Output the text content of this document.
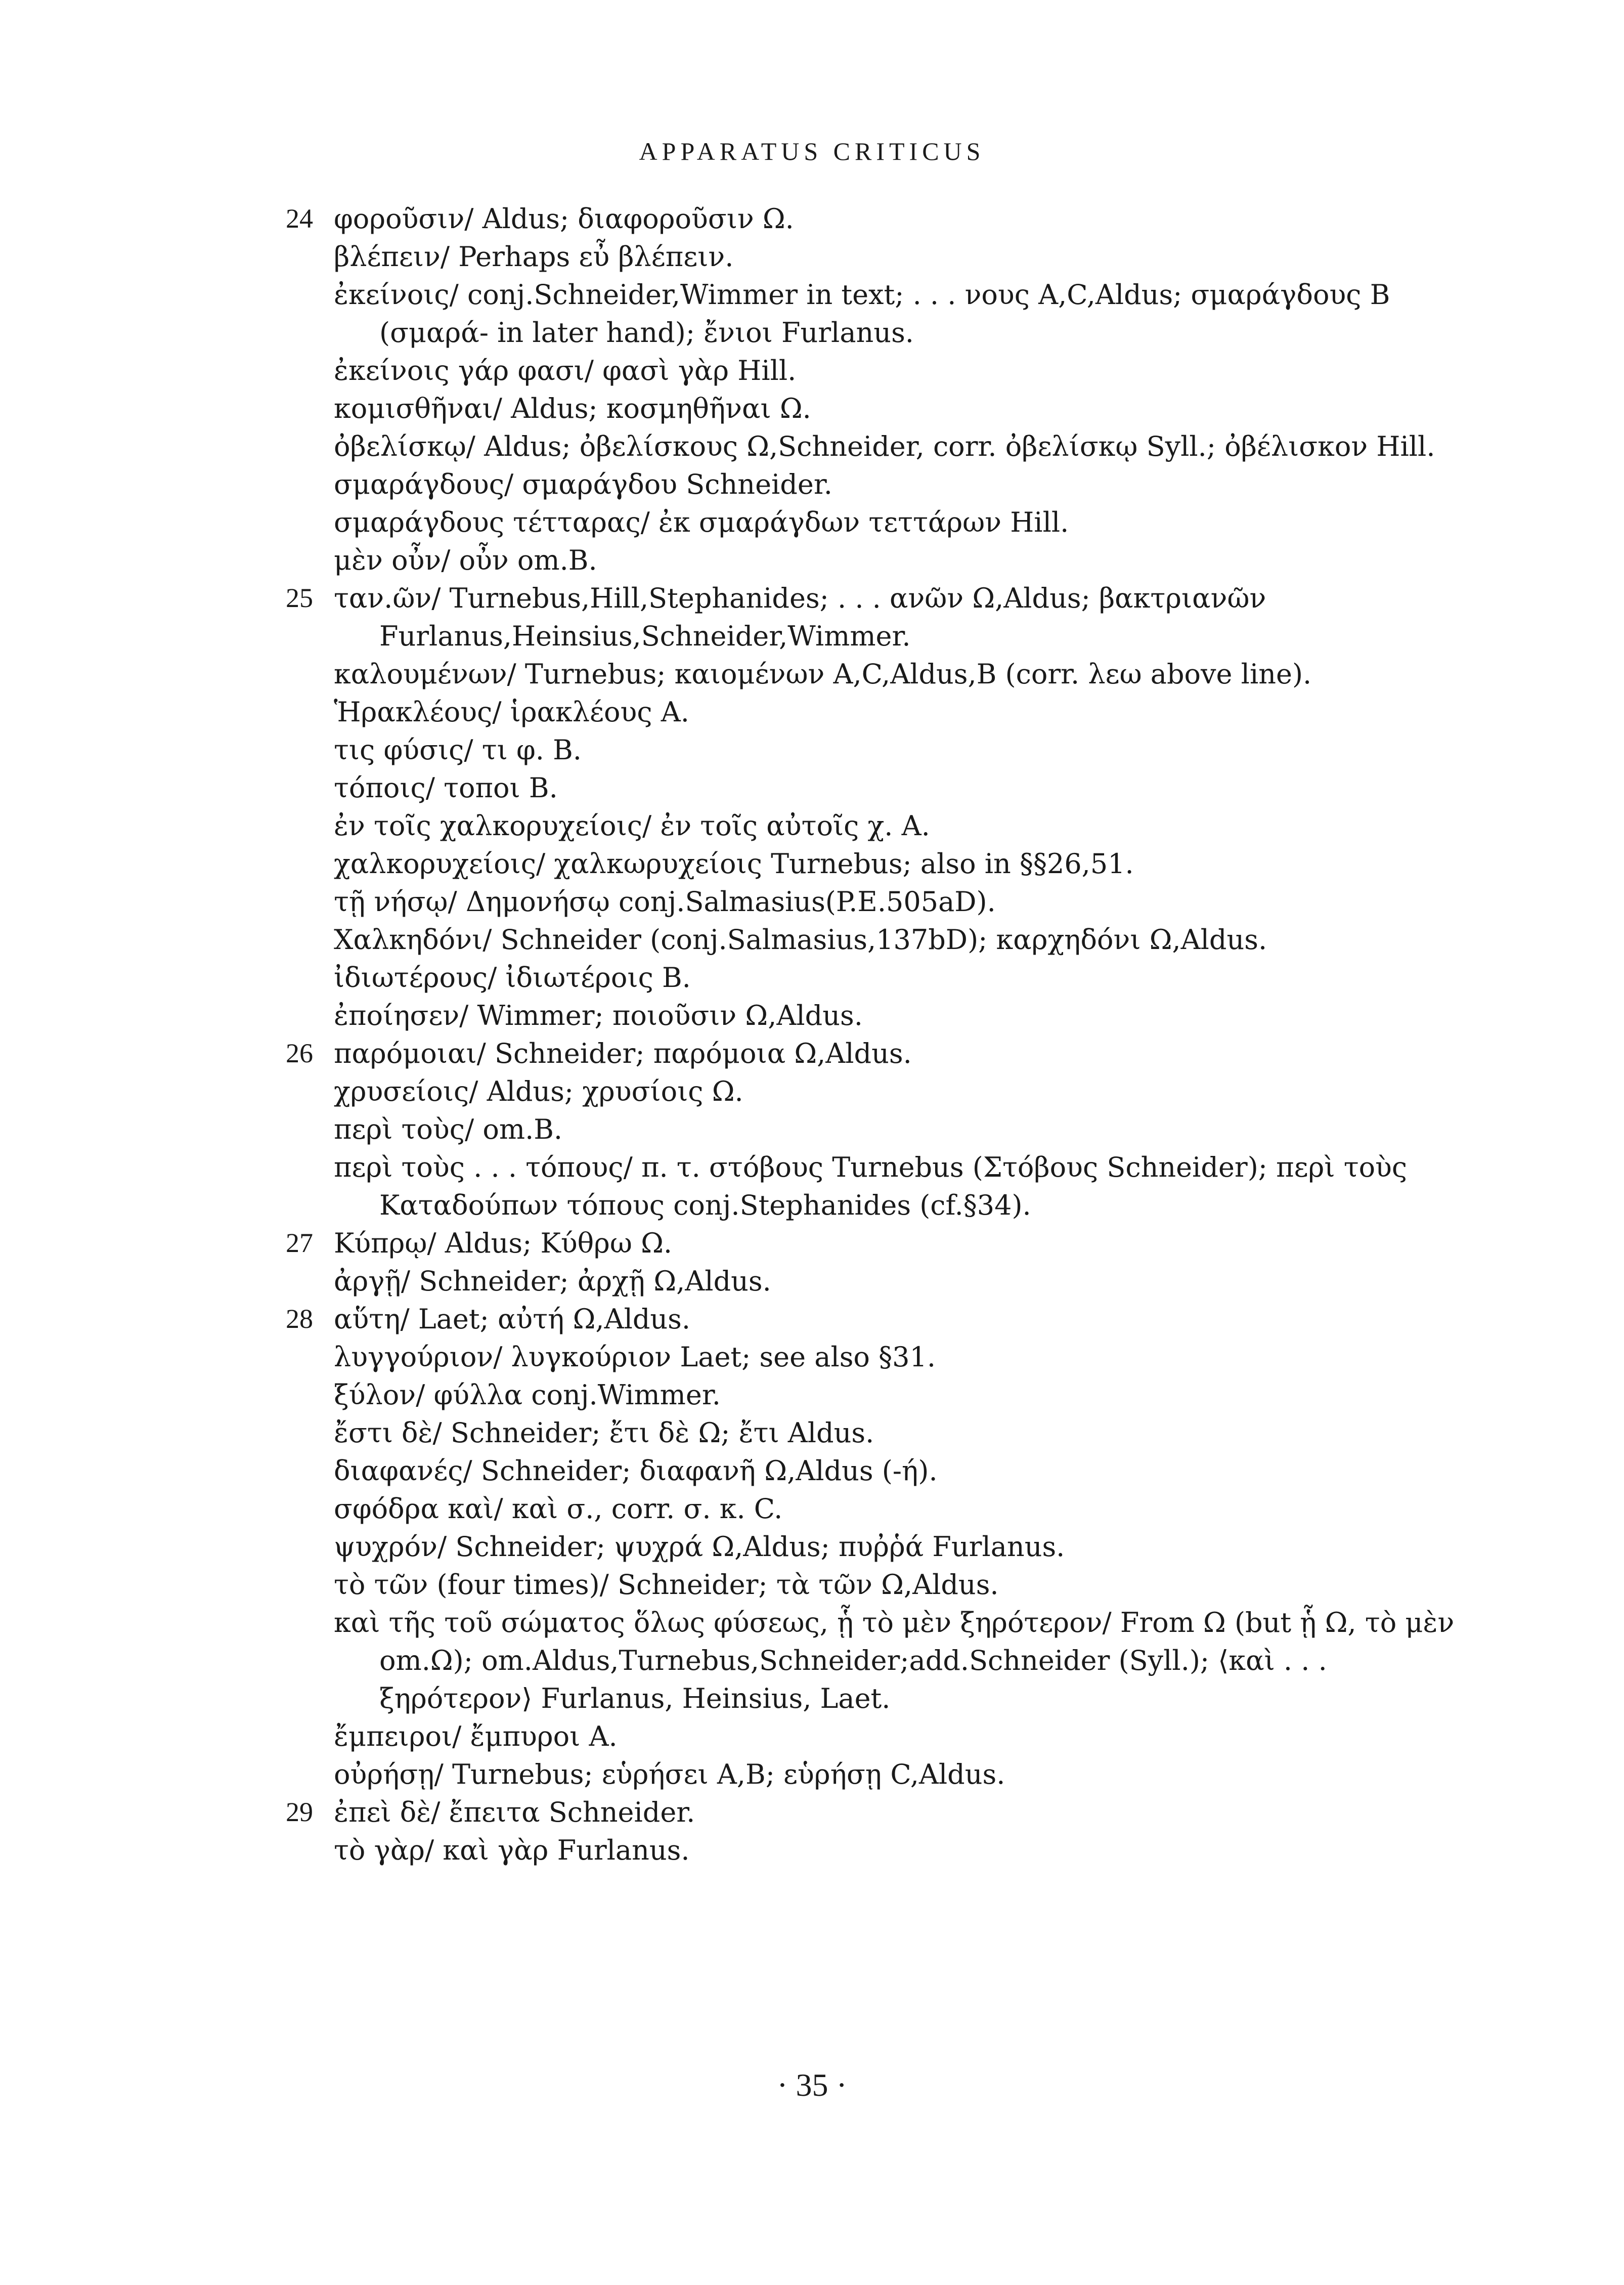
APPARATUS CRITICUS

24 φοροῦσιν/ Aldus; διαφοροῦσιν Ω.

βλέπειν/ Perhaps εὖ βλέπειν.

ἐκείνοις/ conj.Schneider,Wimmer in text; . . . νους A,C,Aldus; σμαράγδους B (σμαρά- in later hand); ἔνιοι Furlanus.

ἐκείνοις γάρ φασι/ φασὶ γὰρ Hill.

κομισθῆναι/ Aldus; κοσμηθῆναι Ω.

ὀβελίσκῳ/ Aldus; ὀβελίσκους Ω,Schneider, corr. ὀβελίσκῳ Syll.; ὀβέλισκον Hill.

σμαράγδους/ σμαράγδου Schneider.

σμαράγδους τέτταρας/ ἐκ σμαράγδων τεττάρων Hill.

μὲν οὖν/ οὖν om.B.

25 ταν.ῶν/ Turnebus,Hill,Stephanides; . . . ανῶν Ω,Aldus; βακτριανῶν Furlanus,Heinsius,Schneider,Wimmer.

καλουμένων/ Turnebus; καιομένων A,C,Aldus,B (corr. λεω above line).

Ἡρακλέους/ ἱρακλέους A.

τις φύσις/ τι φ. B.

τόποις/ τοποι B.

ἐν τοῖς χαλκορυχείοις/ ἐν τοῖς αὐτοῖς χ. A.

χαλκορυχείοις/ χαλκωρυχείοις Turnebus; also in §§26,51.

τῇ νήσῳ/ Δημονήσῳ conj.Salmasius(P.E.505aD).

Χαλκηδόνι/ Schneider (conj.Salmasius,137bD); καρχηδόνι Ω,Aldus.

ἰδιωτέρους/ ἰδιωτέροις B.

ἐποίησεν/ Wimmer; ποιοῦσιν Ω,Aldus.

26 παρόμοιαι/ Schneider; παρόμοια Ω,Aldus.

χρυσείοις/ Aldus; χρυσίοις Ω.

περὶ τοὺς/ om.B.

περὶ τοὺς . . . τόπους/ π. τ. στόβους Turnebus (Στόβους Schneider); περὶ τοὺς Καταδούπων τόπους conj.Stephanides (cf.§34).

27 Κύπρῳ/ Aldus; Κύθρω Ω.

ἀργῇ/ Schneider; ἀρχῇ Ω,Aldus.

28 αὕτη/ Laet; αὐτή Ω,Aldus.

λυγγούριον/ λυγκούριον Laet; see also §31.

ξύλον/ φύλλα conj.Wimmer.

ἔστι δὲ/ Schneider; ἔτι δὲ Ω; ἔτι Aldus.

διαφανές/ Schneider; διαφανῆ Ω,Aldus (-ή).

σφόδρα καὶ/ καὶ σ., corr. σ. κ. C.

ψυχρόν/ Schneider; ψυχρά Ω,Aldus; πυῤῥά Furlanus.

τὸ τῶν (four times)/ Schneider; τὰ τῶν Ω,Aldus.

καὶ τῆς τοῦ σώματος ὅλως φύσεως, ᾗ τὸ μὲν ξηρότερον/ From Ω (but ᾗ Ω, τὸ μὲν om.Ω); om.Aldus,Turnebus,Schneider;add.Schneider (Syll.); ⟨καὶ . . . ξηρότερον⟩ Furlanus, Heinsius, Laet.

ἔμπειροι/ ἔμπυροι A.

οὐρήσῃ/ Turnebus; εὑρήσει A,B; εὑρήσῃ C,Aldus.

29 ἐπεὶ δὲ/ ἔπειτα Schneider.

τὸ γὰρ/ καὶ γὰρ Furlanus.

· 35 ·
